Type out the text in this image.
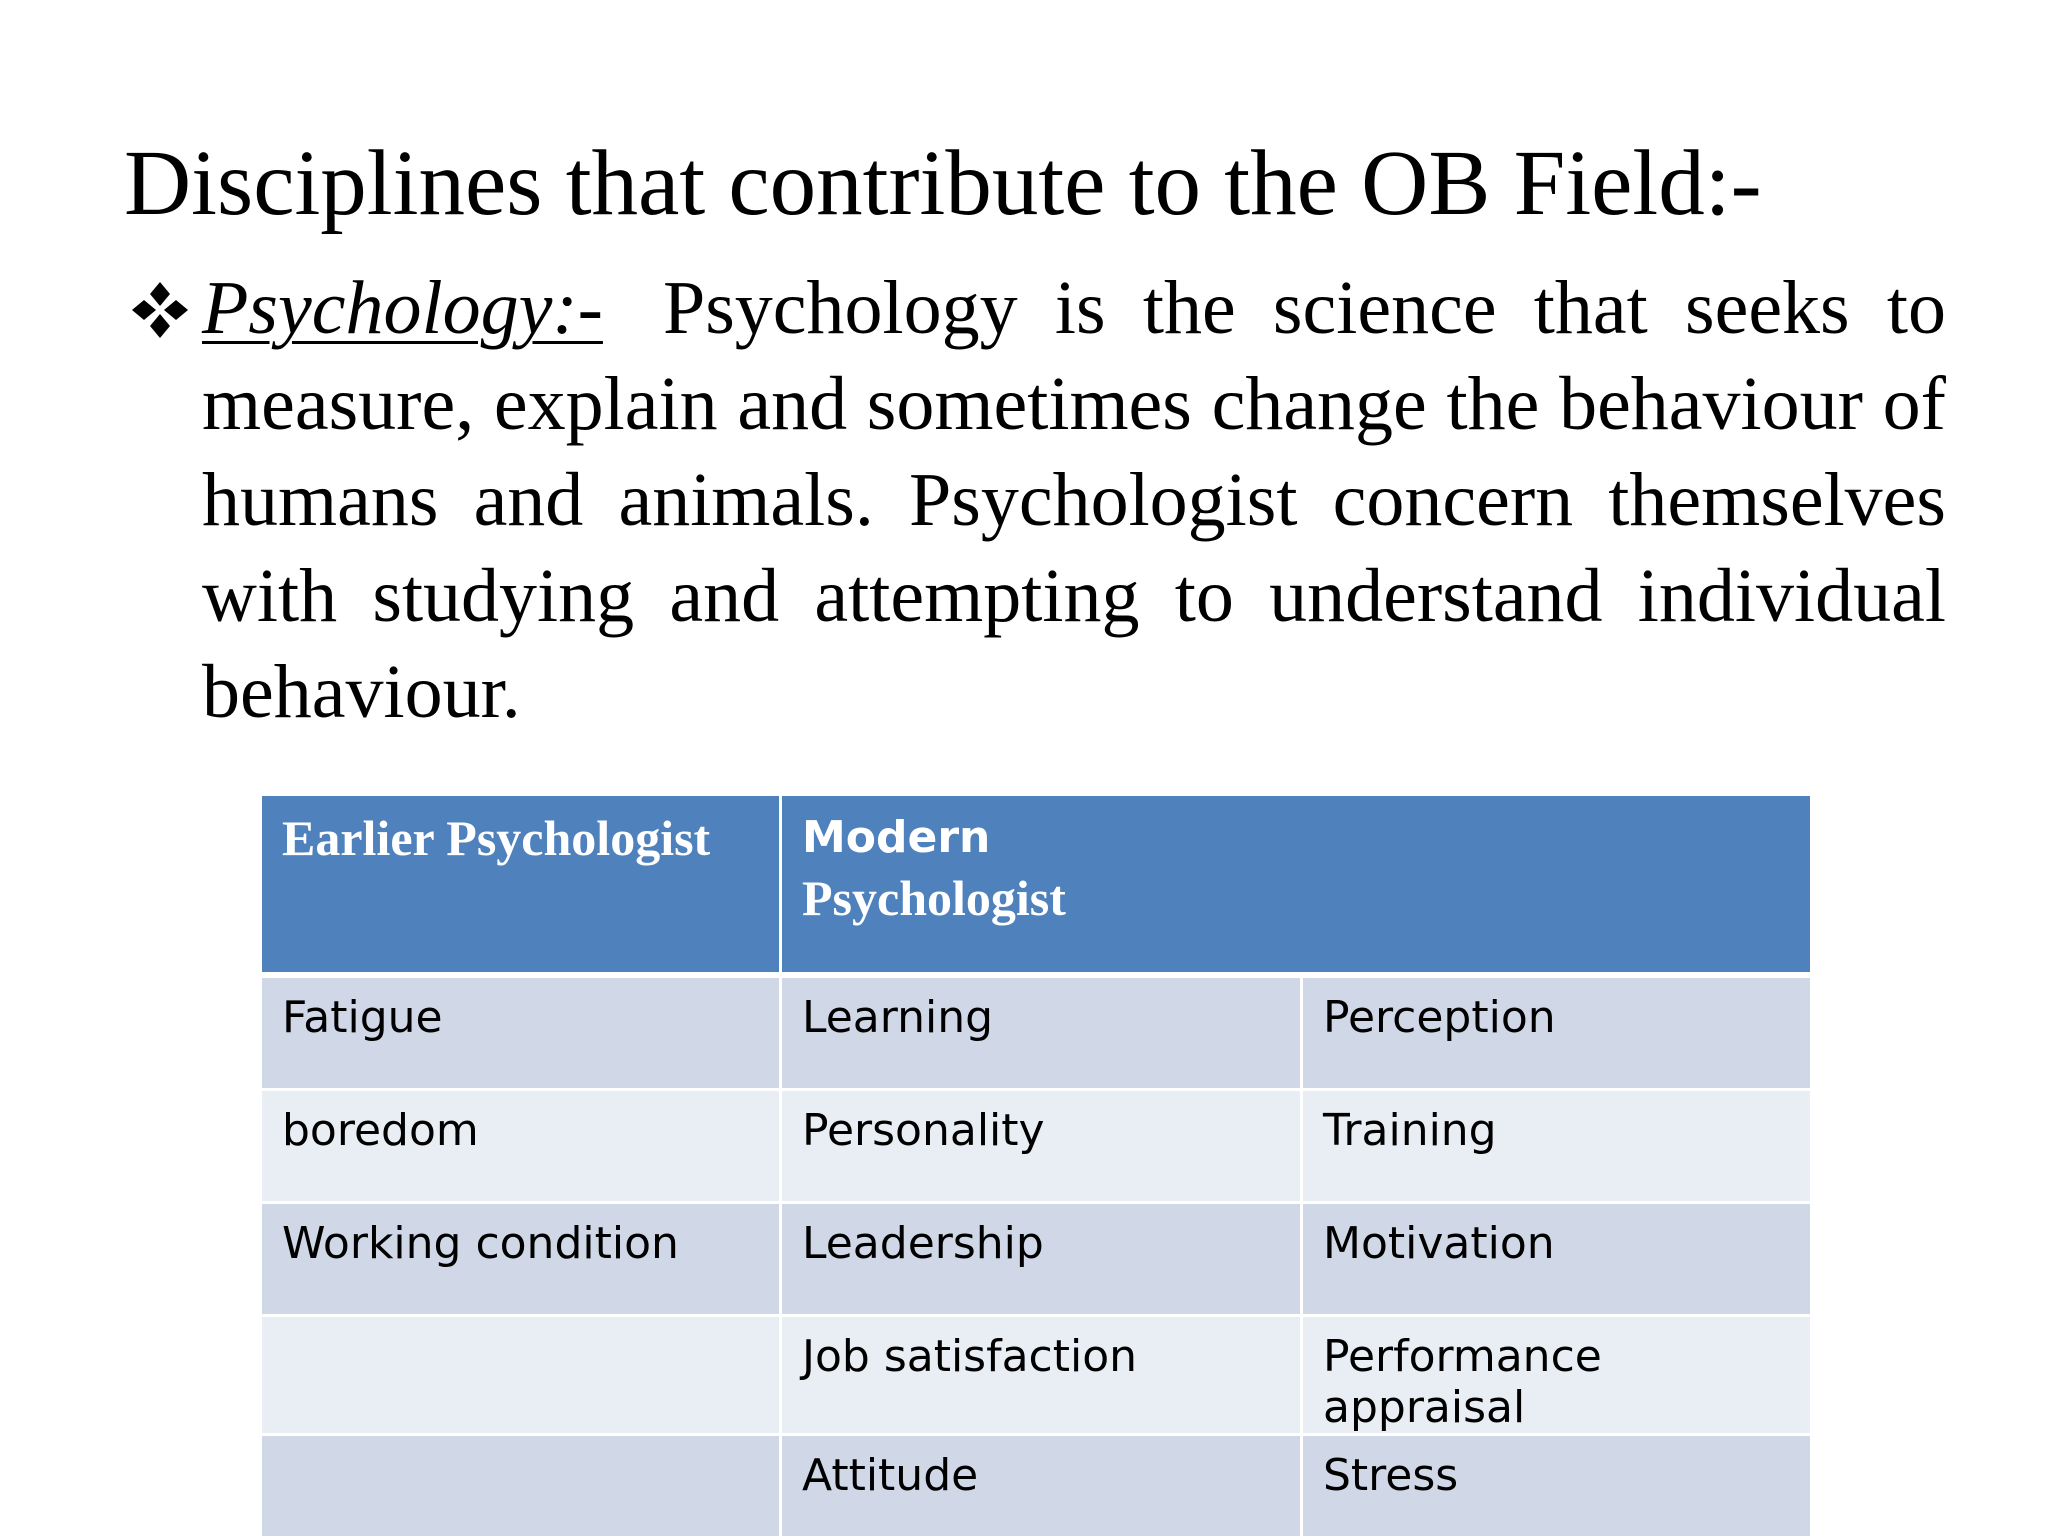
Disciplines that contribute to the OB Field:-
Psychology:- Psychology is the science that seeks to measure, explain and sometimes change the behaviour of humans and animals. Psychologist concern themselves with studying and attempting to understand individual behaviour.
Earlier Psychologist	Modern
Psychologist	

Fatigue	Learning	Perception
boredom	Personality	Training
Working condition	Leadership	Motivation
	Job satisfaction	Performance appraisal
	Attitude	Stress
